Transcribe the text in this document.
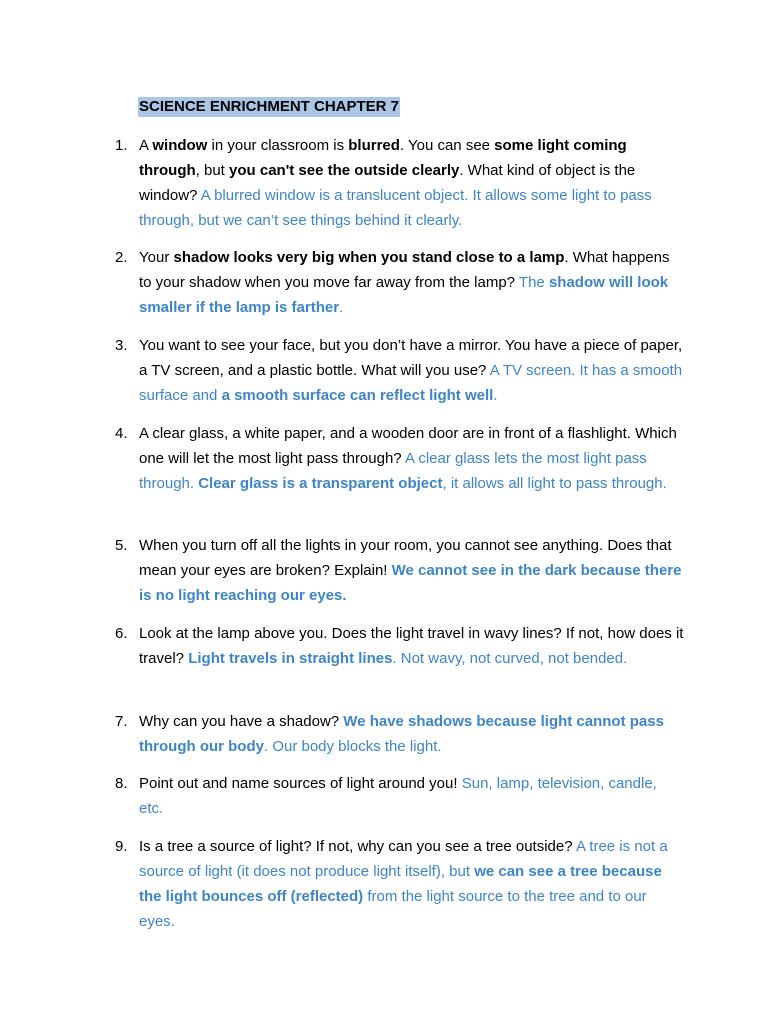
SCIENCE ENRICHMENT CHAPTER 7
1. A window in your classroom is blurred. You can see some light coming through, but you can't see the outside clearly. What kind of object is the window? A blurred window is a translucent object. It allows some light to pass through, but we can’t see things behind it clearly.
2. Your shadow looks very big when you stand close to a lamp. What happens to your shadow when you move far away from the lamp? The shadow will look smaller if the lamp is farther.
3. You want to see your face, but you don’t have a mirror. You have a piece of paper, a TV screen, and a plastic bottle. What will you use? A TV screen. It has a smooth surface and a smooth surface can reflect light well.
4. A clear glass, a white paper, and a wooden door are in front of a flashlight. Which one will let the most light pass through? A clear glass lets the most light pass through. Clear glass is a transparent object, it allows all light to pass through.
5. When you turn off all the lights in your room, you cannot see anything. Does that mean your eyes are broken? Explain! We cannot see in the dark because there is no light reaching our eyes.
6. Look at the lamp above you. Does the light travel in wavy lines? If not, how does it travel? Light travels in straight lines. Not wavy, not curved, not bended.
7. Why can you have a shadow? We have shadows because light cannot pass through our body. Our body blocks the light.
8. Point out and name sources of light around you! Sun, lamp, television, candle, etc.
9. Is a tree a source of light? If not, why can you see a tree outside? A tree is not a source of light (it does not produce light itself), but we can see a tree because the light bounces off (reflected) from the light source to the tree and to our eyes.
